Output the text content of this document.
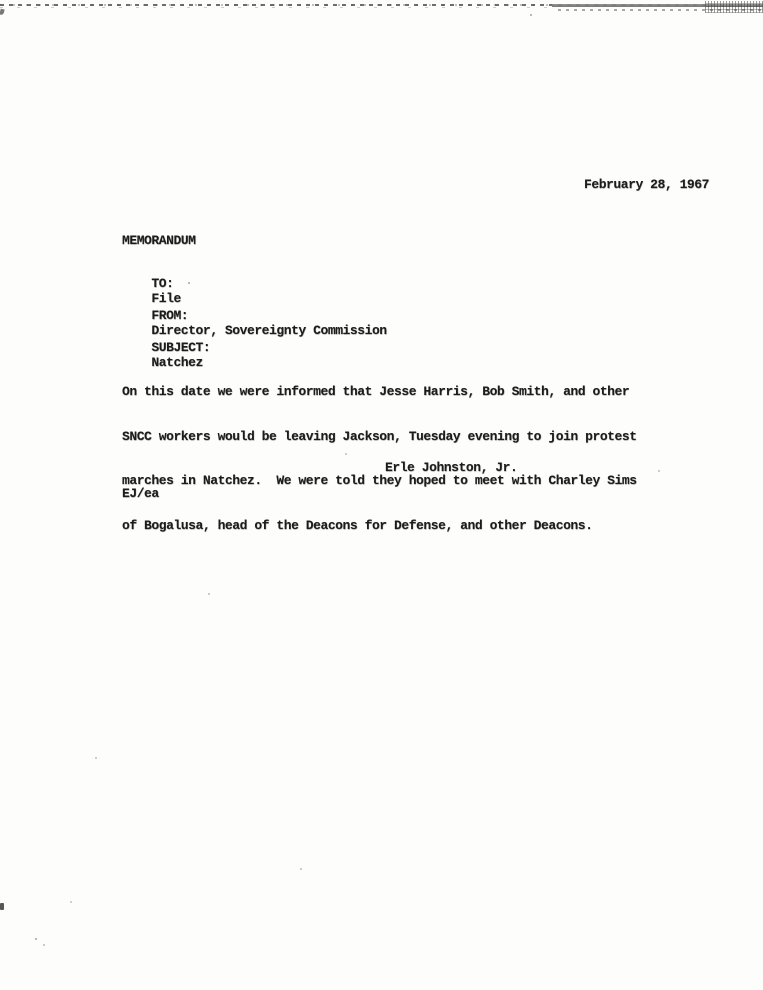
February 28, 1967
MEMORANDUM

TO:
File

FROM:
Director, Sovereignty Commission

SUBJECT:
Natchez

On this date we were informed that Jesse Harris, Bob Smith, and other

SNCC workers would be leaving Jackson, Tuesday evening to join protest

marches in Natchez.  We were told they hoped to meet with Charley Sims

of Bogalusa, head of the Deacons for Defense, and other Deacons.

Erle Johnston, Jr.
EJ/ea
